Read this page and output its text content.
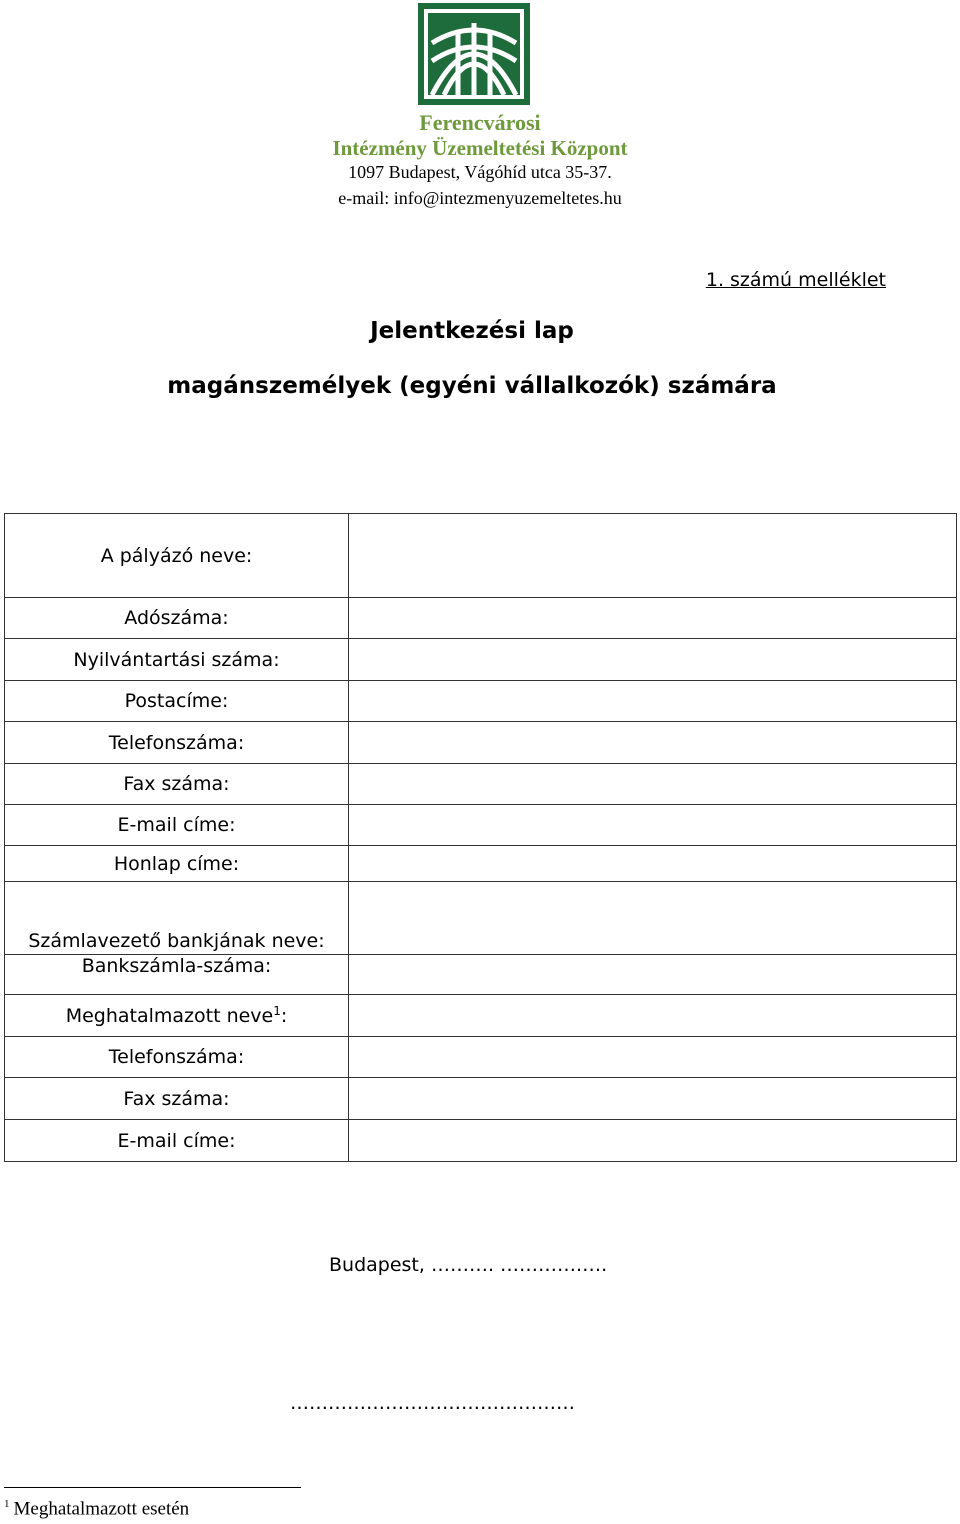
Ferencvárosi
Intézmény Üzemeltetési Központ
1097 Budapest, Vágóhíd utca 35-37.
e-mail: info@intezmenyuzemeltetes.hu
1. számú melléklet
Jelentkezési lap
magánszemélyek (egyéni vállalkozók) számára
A pályázó neve:	
Adószáma:	
Nyilvántartási száma:	
Postacíme:	
Telefonszáma:	
Fax száma:	
E-mail címe:	
Honlap címe:	
Számlavezető bankjának neve:	
Bankszámla-száma:	
Meghatalmazott neve$^1$:	
Telefonszáma:	
Fax száma:	
E-mail címe:	
Budapest, ………. ………….….
………………………………………
$^1$ Meghatalmazott esetén
